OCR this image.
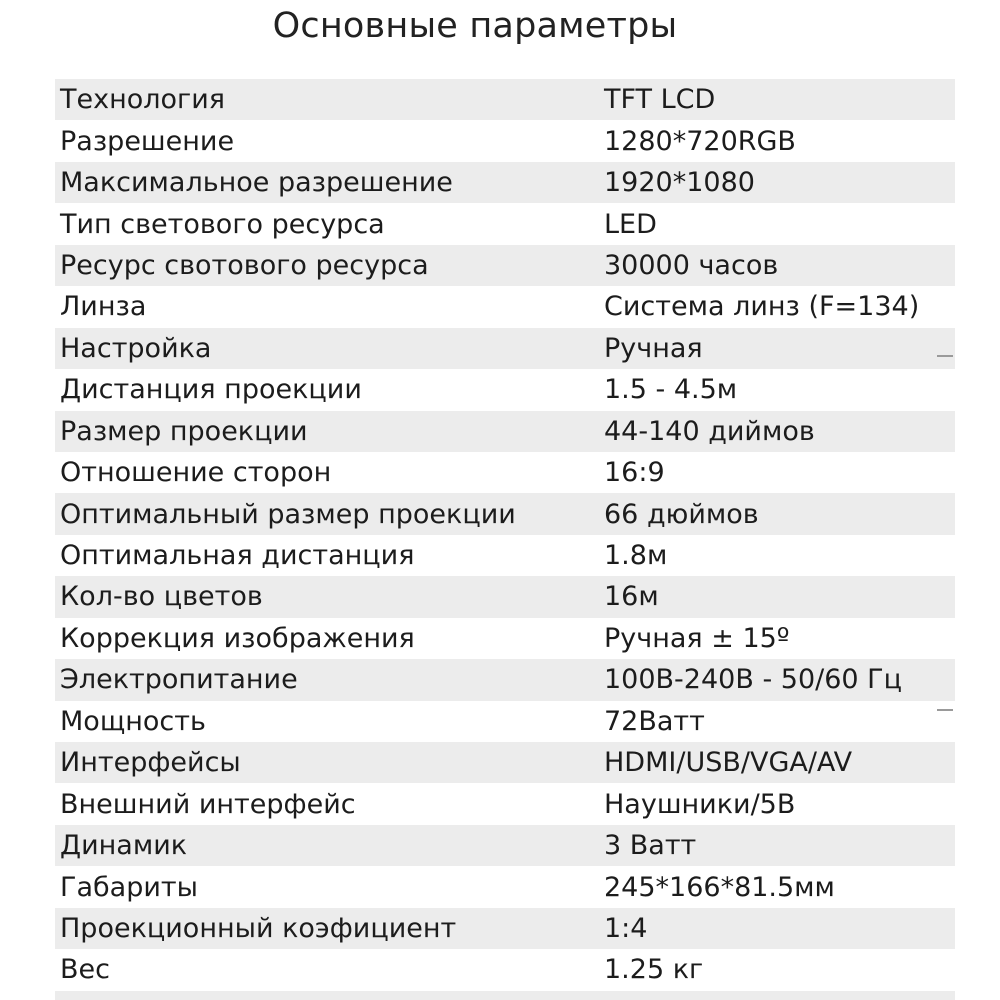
Основные параметры
Технология	TFT LCD
Разрешение	1280*720RGB
Максимальное разрешение	1920*1080
Тип светового ресурса	LED
Ресурс свотового ресурса	30000 часов
Линза	Система линз (F=134)
Настройка	Ручная
Дистанция проекции	1.5 - 4.5м
Размер проекции	44-140 диймов
Отношение сторон	16:9
Оптимальный размер проекции	66 дюймов
Оптимальная дистанция	1.8м
Кол-во цветов	16м
Коррекция изображения	Ручная ± 15º
Электропитание	100В-240В - 50/60 Гц
Мощность	72Ватт
Интерфейсы	HDMI/USB/VGA/AV
Внешний интерфейс	Наушники/5В
Динамик	3 Ватт
Габариты	245*166*81.5мм
Проекционный коэфициент	1:4
Вес	1.25 кг
